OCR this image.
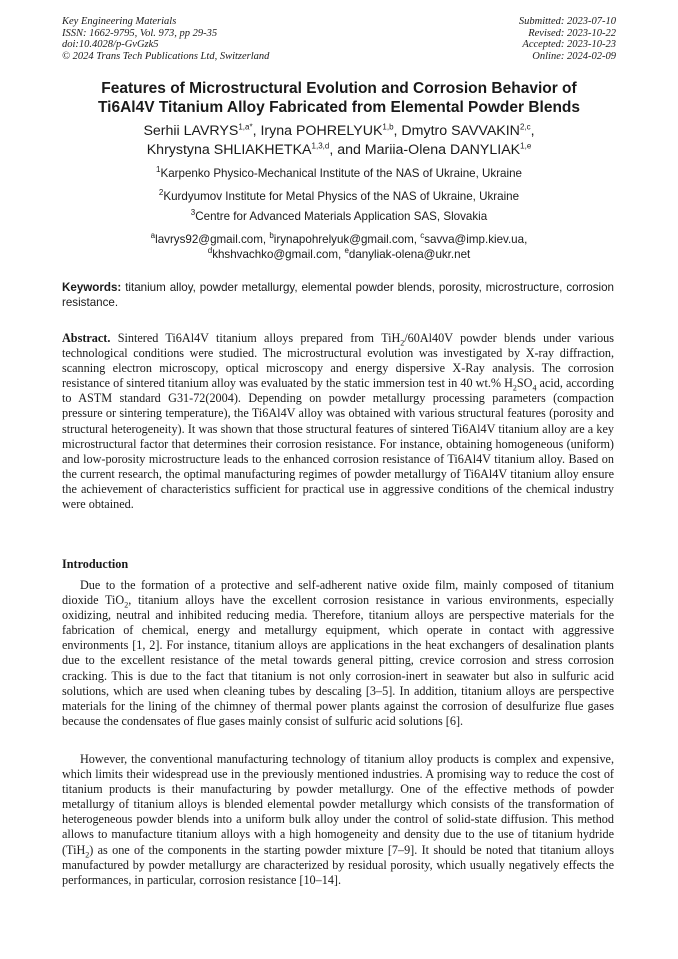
Key Engineering Materials
ISSN: 1662-9795, Vol. 973, pp 29-35
doi:10.4028/p-GvGzk5
© 2024 Trans Tech Publications Ltd, Switzerland
Submitted: 2023-07-10
Revised: 2023-10-22
Accepted: 2023-10-23
Online: 2024-02-09
Features of Microstructural Evolution and Corrosion Behavior of
Ti6Al4V Titanium Alloy Fabricated from Elemental Powder Blends
Serhii $LAVRYS^{1,a*}$, Iryna POHRELYUK$^{1,b}$, Dmytro SAVVAKIN$^{2,c}$,
Khrystyna SHLIAKHETKA$^{1,3,d}$, and Mariia-Olena DANYLIAK$^{1,e}$
$^1$Karpenko Physico-Mechanical Institute of the NAS of Ukraine, Ukraine
$^2$Kurdyumov Institute for Metal Physics of the NAS of Ukraine, Ukraine
$^3$Centre for Advanced Materials Application SAS, Slovakia
$^a$lavrys92@gmail.com, $^b$irynapohrelyuk@gmail.com, $^c$savva@imp.kiev.ua,
$^d$khshvachko@gmail.com, $^e$danyliak-olena@ukr.net
Keywords: titanium alloy, powder metallurgy, elemental powder blends, porosity, microstructure, corrosion resistance.
Abstract. Sintered Ti6Al4V titanium alloys prepared from TiH$_2$/60Al40V powder blends under various technological conditions were studied. The microstructural evolution was investigated by X-ray diffraction, scanning electron microscopy, optical microscopy and energy dispersive X-Ray analysis. The corrosion resistance of sintered titanium alloy was evaluated by the static immersion test in 40 wt.% $H_2SO_4$ acid, according to ASTM standard G31-72(2004). Depending on powder metallurgy processing parameters (compaction pressure or sintering temperature), the Ti6Al4V alloy was obtained with various structural features (porosity and structural heterogeneity). It was shown that those structural features of sintered Ti6Al4V titanium alloy are a key microstructural factor that determines their corrosion resistance. For instance, obtaining homogeneous (uniform) and low-porosity microstructure leads to the enhanced corrosion resistance of Ti6Al4V titanium alloy. Based on the current research, the optimal manufacturing regimes of powder metallurgy of Ti6Al4V titanium alloy ensure the achievement of characteristics sufficient for practical use in aggressive conditions of the chemical industry were obtained.
Introduction
Due to the formation of a protective and self-adherent native oxide film, mainly composed of titanium dioxide TiO$_2$, titanium alloys have the excellent corrosion resistance in various environments, especially oxidizing, neutral and inhibited reducing media. Therefore, titanium alloys are perspective materials for the fabrication of chemical, energy and metallurgy equipment, which operate in contact with aggressive environments [1, 2]. For instance, titanium alloys are applications in the heat exchangers of desalination plants due to the excellent resistance of the metal towards general pitting, crevice corrosion and stress corrosion cracking. This is due to the fact that titanium is not only corrosion-inert in seawater but also in sulfuric acid solutions, which are used when cleaning tubes by descaling [3–5]. In addition, titanium alloys are perspective materials for the lining of the chimney of thermal power plants against the corrosion of desulfurize flue gases because the condensates of flue gases mainly consist of sulfuric acid solutions [6].
However, the conventional manufacturing technology of titanium alloy products is complex and expensive, which limits their widespread use in the previously mentioned industries. A promising way to reduce the cost of titanium products is their manufacturing by powder metallurgy. One of the effective methods of powder metallurgy of titanium alloys is blended elemental powder metallurgy which consists of the transformation of heterogeneous powder blends into a uniform bulk alloy under the control of solid-state diffusion. This method allows to manufacture titanium alloys with a high homogeneity and density due to the use of titanium hydride (TiH$_2$) as one of the components in the starting powder mixture [7–9]. It should be noted that titanium alloys manufactured by powder metallurgy are characterized by residual porosity, which usually negatively effects the performances, in particular, corrosion resistance [10–14].
